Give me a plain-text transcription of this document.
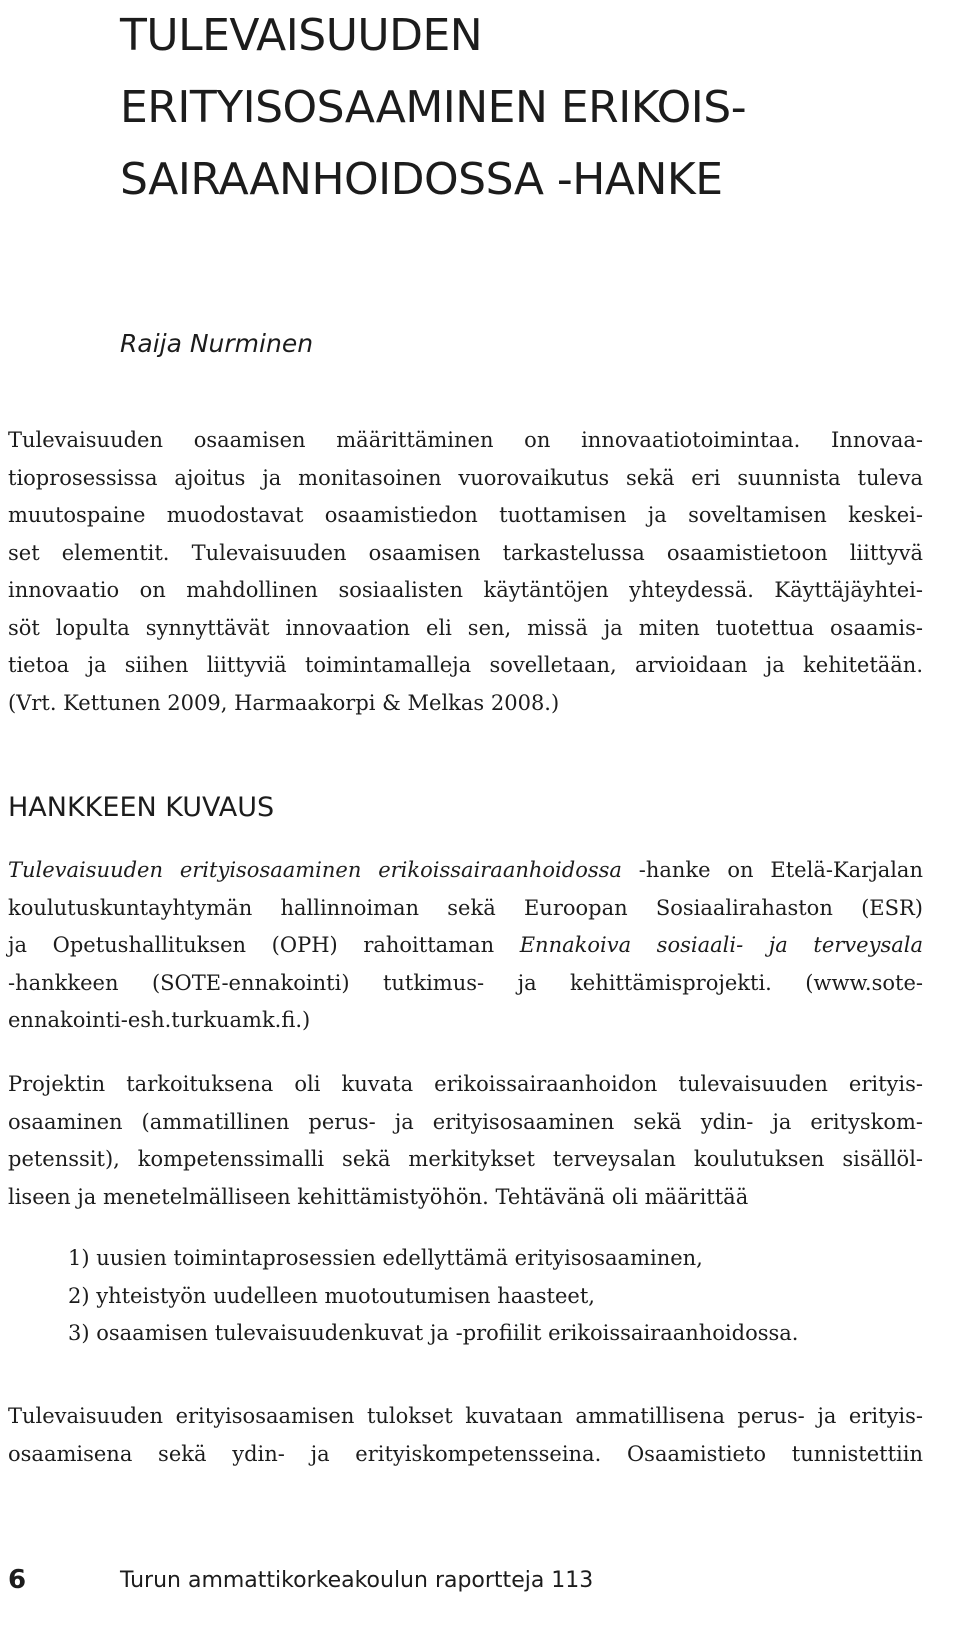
TULEVAISUUDEN
ERITYISOSAAMINEN ERIKOIS-
SAIRAANHOIDOSSA -HANKE

Raija Nurminen

Tulevaisuuden osaamisen määrittäminen on innovaatiotoimintaa. Innovaa-
tioprosessissa ajoitus ja monitasoinen vuorovaikutus sekä eri suunnista tuleva
muutospaine muodostavat osaamistiedon tuottamisen ja soveltamisen keskei-
set elementit. Tulevaisuuden osaamisen tarkastelussa osaamistietoon liittyvä
innovaatio on mahdollinen sosiaalisten käytäntöjen yhteydessä. Käyttäjäyhtei-
söt lopulta synnyttävät innovaation eli sen, missä ja miten tuotettua osaamis-
tietoa ja siihen liittyviä toimintamalleja sovelletaan, arvioidaan ja kehitetään.
(Vrt. Kettunen 2009, Harmaakorpi & Melkas 2008.)
HANKKEEN KUVAUS
Tulevaisuuden erityisosaaminen erikoissairaanhoidossa -hanke on Etelä-Karjalan
koulutuskuntayhtymän hallinnoiman sekä Euroopan Sosiaalirahaston (ESR)
ja Opetushallituksen (OPH) rahoittaman Ennakoiva sosiaali- ja terveysala
-hankkeen (SOTE-ennakointi) tutkimus- ja kehittämisprojekti. (www.sote-
ennakointi-esh.turkuamk.fi.)
Projektin tarkoituksena oli kuvata erikoissairaanhoidon tulevaisuuden erityis-
osaaminen (ammatillinen perus- ja erityisosaaminen sekä ydin- ja erityskom-
petenssit), kompetenssimalli sekä merkitykset terveysalan koulutuksen sisällöl-
liseen ja menetelmälliseen kehittämistyöhön. Tehtävänä oli määrittää
1) uusien toimintaprosessien edellyttämä erityisosaaminen,
2) yhteistyön uudelleen muotoutumisen haasteet,
3) osaamisen tulevaisuudenkuvat ja -profiilit erikoissairaanhoidossa.
Tulevaisuuden erityisosaamisen tulokset kuvataan ammatillisena perus- ja erityis-
osaamisena sekä ydin- ja erityiskompetensseina. Osaamistieto tunnistettiin
6	Turun ammattikorkeakoulun raportteja 113
